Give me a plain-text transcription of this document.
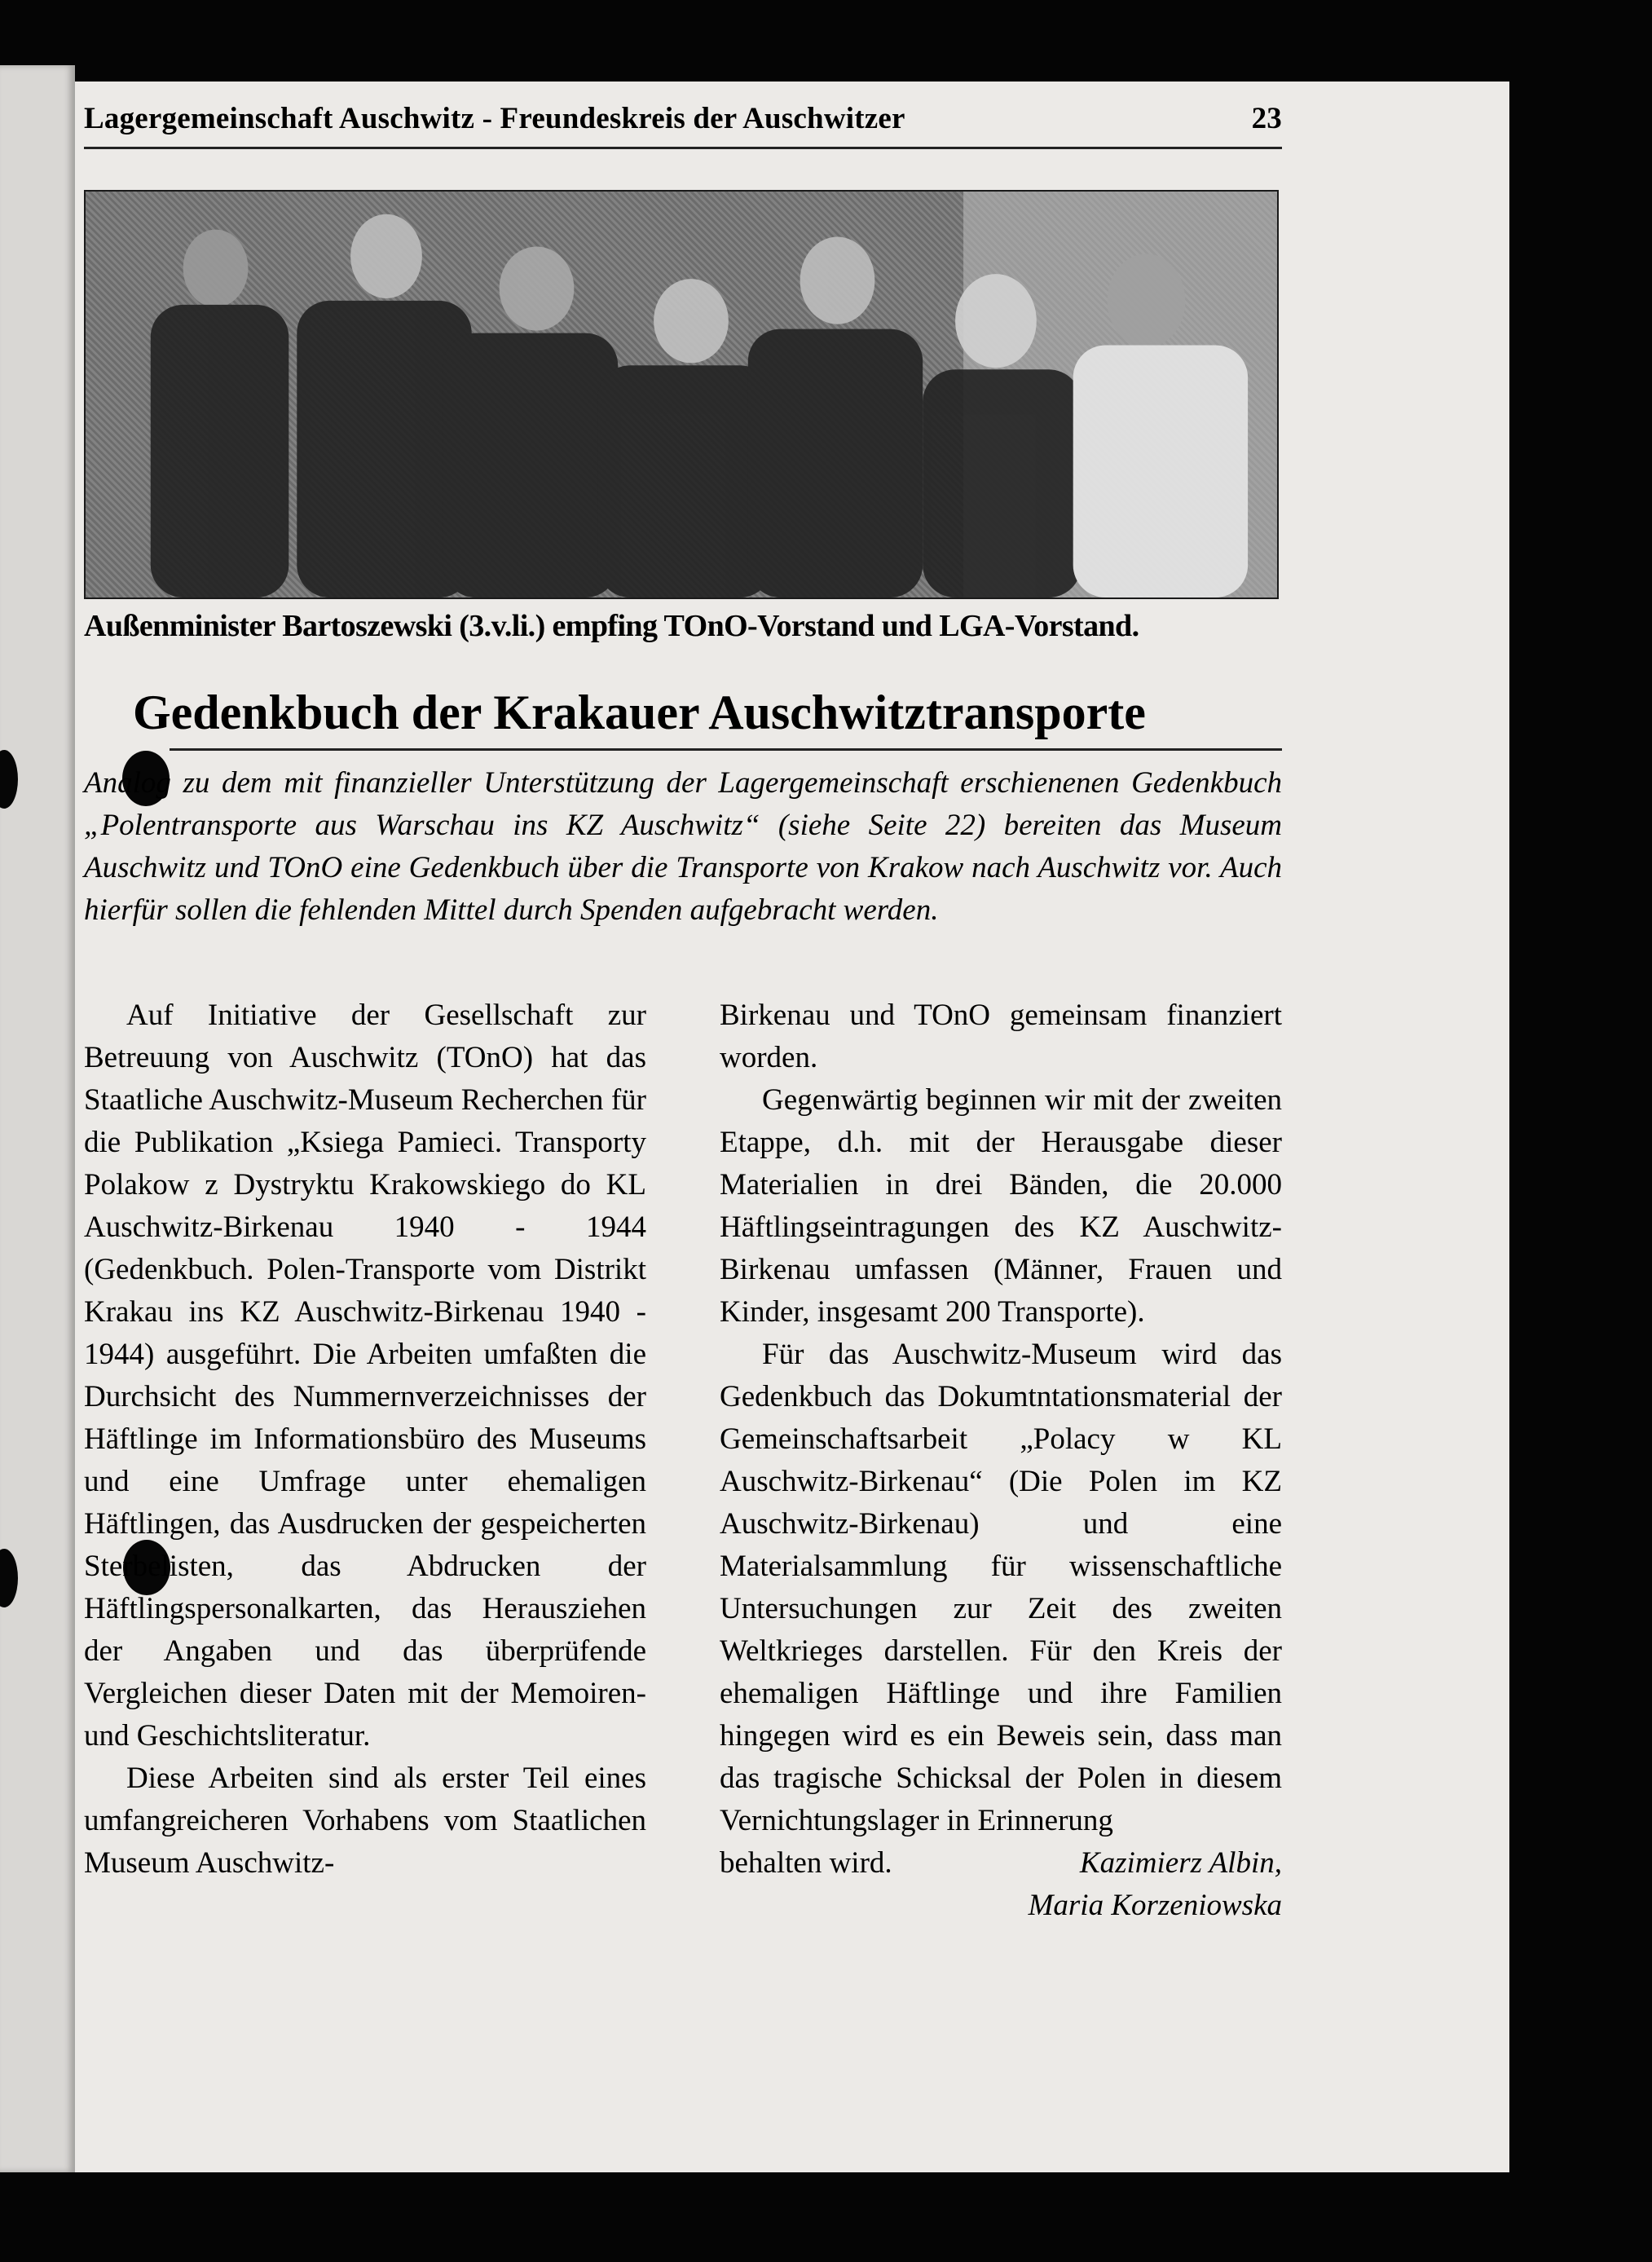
Lagergemeinschaft Auschwitz - Freundeskreis der Auschwitzer	23
Außenminister Bartoszewski (3.v.li.) empfing TOnO-Vorstand und LGA-Vorstand.
Gedenkbuch der Krakauer Auschwitztransporte
Analog zu dem mit finanzieller Unterstützung der Lagergemeinschaft erschienenen Gedenkbuch „Polentransporte aus Warschau ins KZ Auschwitz“ (siehe Seite 22) bereiten das Museum Auschwitz und TOnO eine Gedenkbuch über die Transporte von Krakow nach Auschwitz vor. Auch hierfür sollen die fehlenden Mittel durch Spenden aufgebracht werden.

Auf Initiative der Gesellschaft zur Betreuung von Auschwitz (TOnO) hat das Staatliche Auschwitz-Museum Recherchen für die Publikation „Ksiega Pamieci. Transporty Polakow z Dystryktu Krakowskiego do KL Auschwitz-Birkenau 1940 - 1944 (Gedenkbuch. Polen-Transporte vom Distrikt Krakau ins KZ Auschwitz-Birkenau 1940 - 1944) ausgeführt. Die Arbeiten umfaßten die Durchsicht des Nummernverzeichnisses der Häftlinge im Informationsbüro des Museums und eine Umfrage unter ehemaligen Häftlingen, das Ausdrucken der gespeicherten Sterbelisten, das Abdrucken der Häftlingspersonalkarten, das Herausziehen der Angaben und das überprüfende Vergleichen dieser Daten mit der Memoiren- und Geschichtsliteratur.

Diese Arbeiten sind als erster Teil eines umfangreicheren Vorhabens vom Staatlichen Museum Auschwitz-

Birkenau und TOnO gemeinsam finanziert worden.

Gegenwärtig beginnen wir mit der zweiten Etappe, d.h. mit der Herausgabe dieser Materialien in drei Bänden, die 20.000 Häftlingseintragungen des KZ Auschwitz-Birkenau umfassen (Männer, Frauen und Kinder, insgesamt 200 Transporte).

Für das Auschwitz-Museum wird das Gedenkbuch das Dokumtntationsmaterial der Gemeinschaftsarbeit „Polacy w KL Auschwitz-Birkenau“ (Die Polen im KZ Auschwitz-Birkenau) und eine Materialsammlung für wissenschaftliche Untersuchungen zur Zeit des zweiten Weltkrieges darstellen. Für den Kreis der ehemaligen Häftlinge und ihre Familien hingegen wird es ein Beweis sein, dass man das tragische Schicksal der Polen in diesem Vernichtungslager in Erinnerung

behalten wird.	Kazimierz Albin,
Maria Korzeniowska
